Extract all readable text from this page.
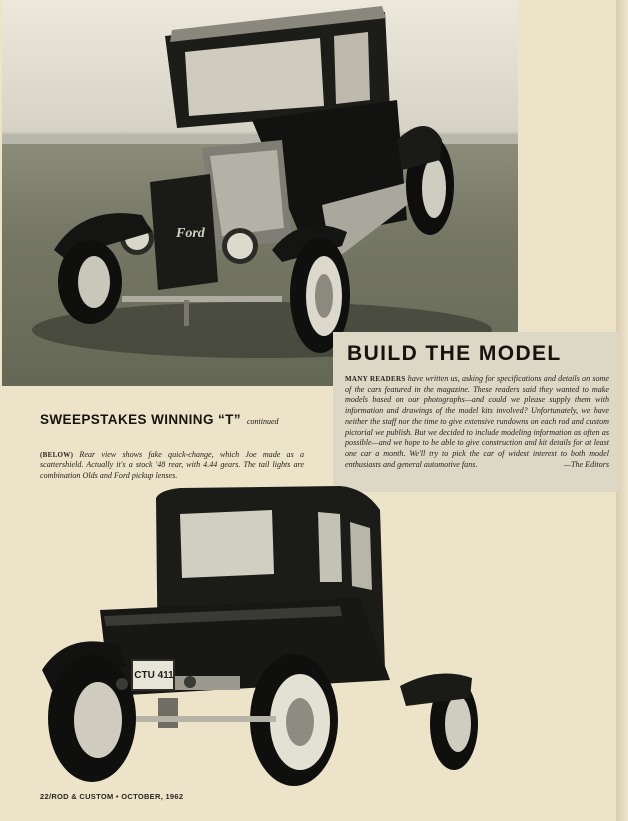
Ford
BUILD THE MODEL
MANY READERS have written us, asking for specifications and details on some of the cars featured in the magazine. These readers said they wanted to make models based on our photographs—and could we please supply them with information and drawings of the model kits involved? Unfortunately, we have neither the staff nor the time to give extensive rundowns on each rod and custom pictorial we publish. But we decided to include modeling information as often as possible—and we hope to be able to give construction and kit details for at least one car a month. We'll try to pick the car of widest interest to both model enthusiasts and general automotive fans.	—The Editors
SWEEPSTAKES WINNING “T” continued
(BELOW) Rear view shows fake quick-change, which Joe made as a scattershield. Actually it's a stock '48 rear, with 4.44 gears. The tail lights are combination Olds and Ford pickup lenses.
CTU 411
22/ROD & CUSTOM • OCTOBER, 1962
